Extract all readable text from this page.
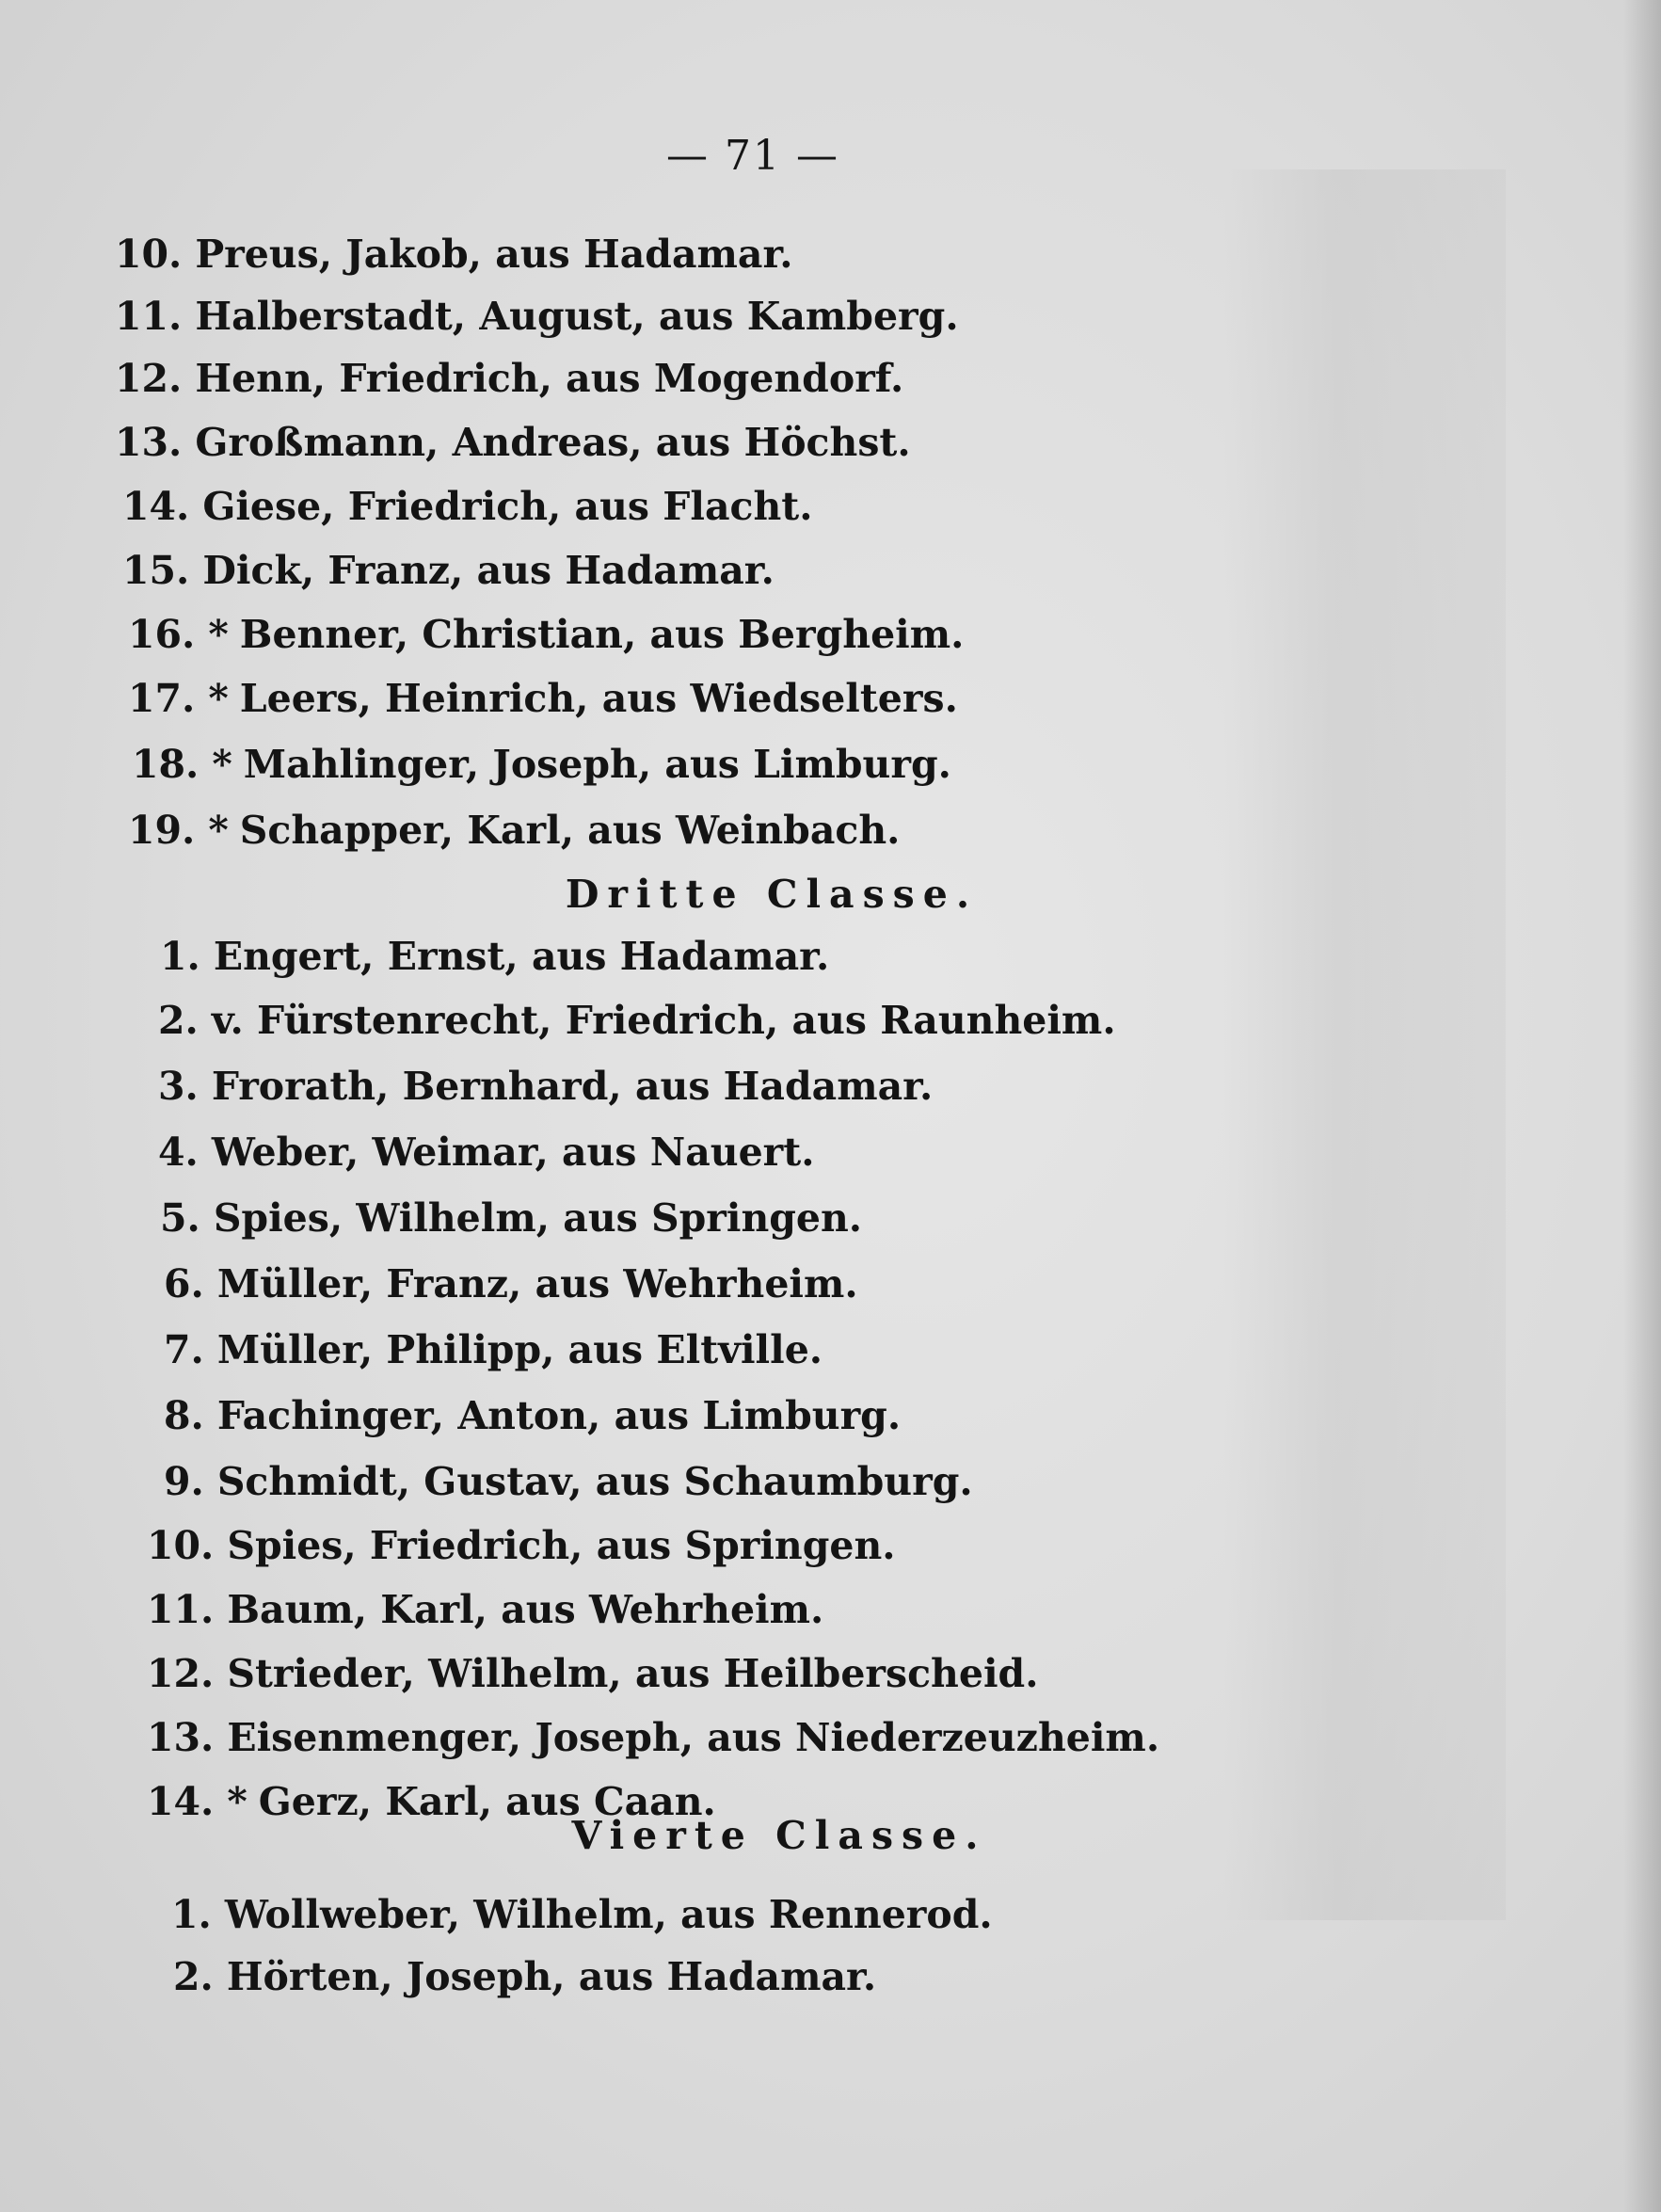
— 71 —
10. Preus, Jakob, aus Hadamar.
11. Halberstadt, August, aus Kamberg.
12. Henn, Friedrich, aus Mogendorf.
13. Großmann, Andreas, aus Höchst.
14. Giese, Friedrich, aus Flacht.
15. Dick, Franz, aus Hadamar.
16. * Benner, Christian, aus Bergheim.
17. * Leers, Heinrich, aus Wiedselters.
18. * Mahlinger, Joseph, aus Limburg.
19. * Schapper, Karl, aus Weinbach.
Dritte Classe.
1. Engert, Ernst, aus Hadamar.
2. v. Fürstenrecht, Friedrich, aus Raunheim.
3. Frorath, Bernhard, aus Hadamar.
4. Weber, Weimar, aus Nauert.
5. Spies, Wilhelm, aus Springen.
6. Müller, Franz, aus Wehrheim.
7. Müller, Philipp, aus Eltville.
8. Fachinger, Anton, aus Limburg.
9. Schmidt, Gustav, aus Schaumburg.
10. Spies, Friedrich, aus Springen.
11. Baum, Karl, aus Wehrheim.
12. Strieder, Wilhelm, aus Heilberscheid.
13. Eisenmenger, Joseph, aus Niederzeuzheim.
14. * Gerz, Karl, aus Caan.
Vierte Classe.
1. Wollweber, Wilhelm, aus Rennerod.
2. Hörten, Joseph, aus Hadamar.
